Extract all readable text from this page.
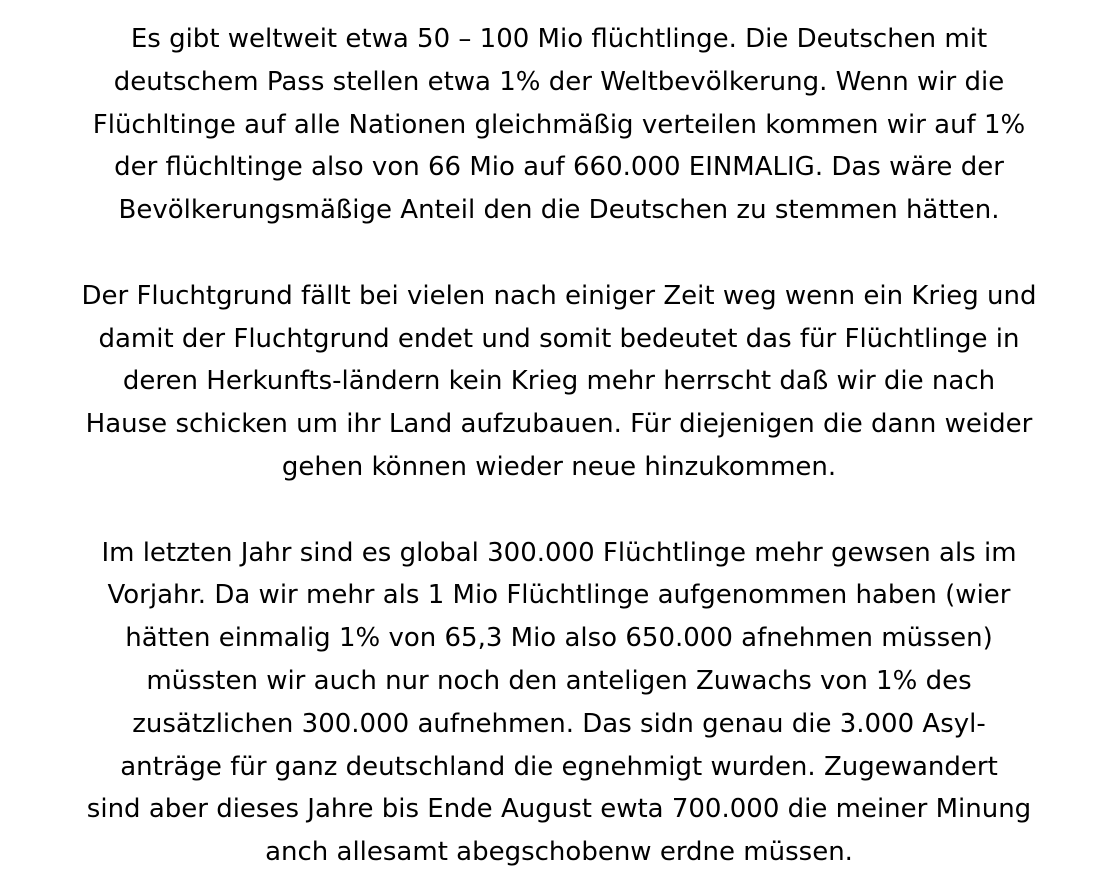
Es gibt weltweit etwa 50 – 100 Mio flüchtlinge. Die Deutschen mit
deutschem Pass stellen etwa 1% der Weltbevölkerung. Wenn wir die
Flüchltinge auf alle Nationen gleichmäßig verteilen kommen wir auf 1%
der flüchltinge also von 66 Mio auf 660.000 EINMALIG. Das wäre der
Bevölkerungsmäßige Anteil den die Deutschen zu stemmen hätten.
Der Fluchtgrund fällt bei vielen nach einiger Zeit weg wenn ein Krieg und
damit der Fluchtgrund endet und somit bedeutet das für Flüchtlinge in
deren Herkunfts-ländern kein Krieg mehr herrscht daß wir die nach
Hause schicken um ihr Land aufzubauen. Für diejenigen die dann weider
gehen können wieder neue hinzukommen.
Im letzten Jahr sind es global 300.000 Flüchtlinge mehr gewsen als im
Vorjahr. Da wir mehr als 1 Mio Flüchtlinge aufgenommen haben (wier
hätten einmalig 1% von 65,3 Mio also 650.000 afnehmen müssen)
müssten wir auch nur noch den anteligen Zuwachs von 1% des
zusätzlichen 300.000 aufnehmen. Das sidn genau die 3.000 Asyl-
anträge für ganz deutschland die egnehmigt wurden. Zugewandert
sind aber dieses Jahre bis Ende August ewta 700.000 die meiner Minung
anch allesamt abegschobenw erdne müssen.
